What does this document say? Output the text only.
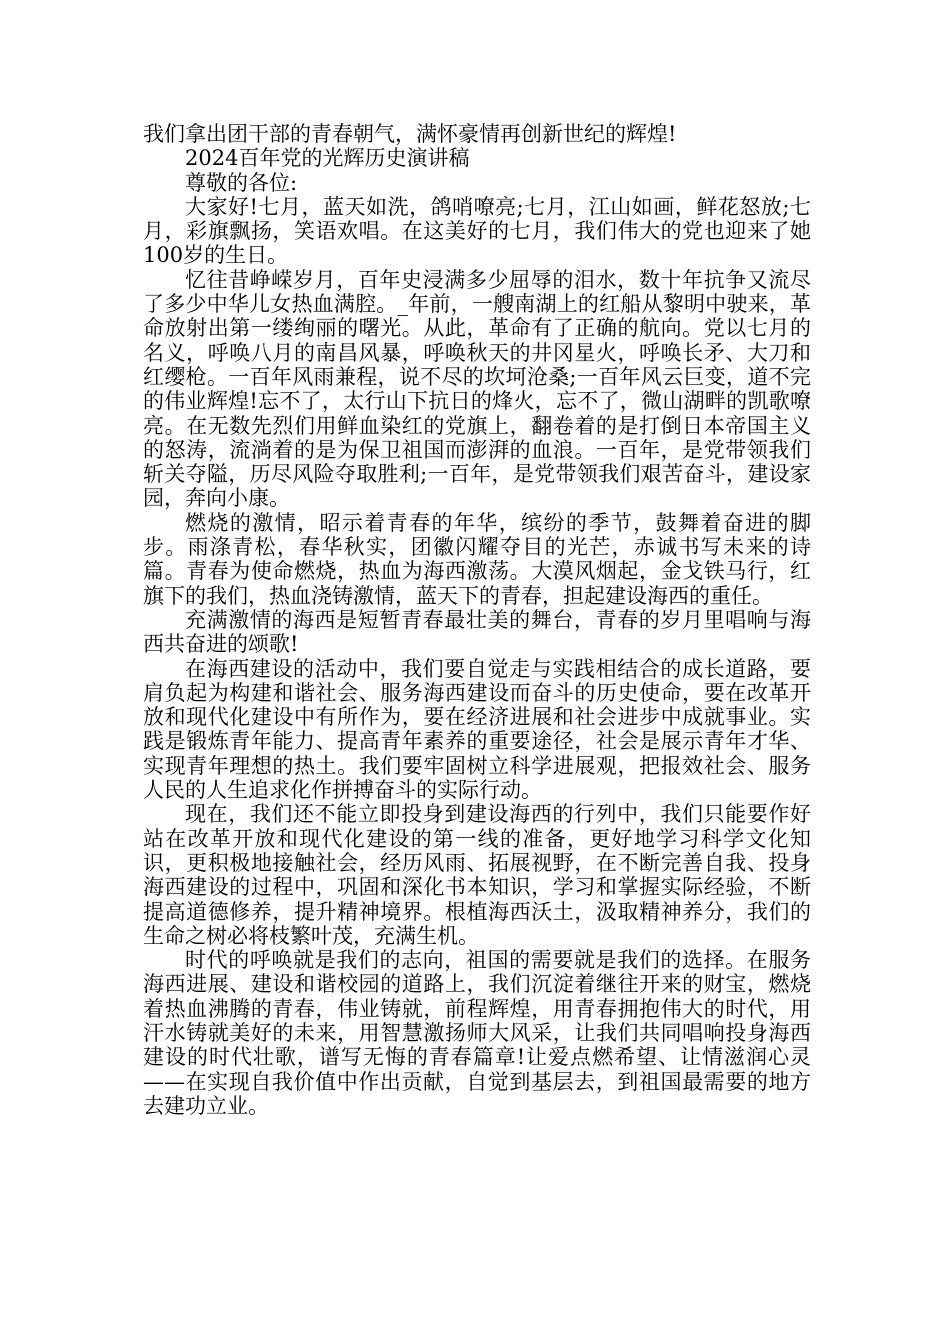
我们拿出团干部的青春朝气，满怀豪情再创新世纪的辉煌!

2024百年党的光辉历史演讲稿

尊敬的各位:

大家好!七月，蓝天如洗，鸽哨嘹亮;七月，江山如画，鲜花怒放;七月，彩旗飘扬，笑语欢唱。在这美好的七月，我们伟大的党也迎来了她100岁的生日。

忆往昔峥嵘岁月，百年史浸满多少屈辱的泪水，数十年抗争又流尽了多少中华儿女热血满腔。_年前，一艘南湖上的红船从黎明中驶来，革命放射出第一缕绚丽的曙光。从此，革命有了正确的航向。党以七月的名义，呼唤八月的南昌风暴，呼唤秋天的井冈星火，呼唤长矛、大刀和红缨枪。一百年风雨兼程，说不尽的坎坷沧桑;一百年风云巨变，道不完的伟业辉煌!忘不了，太行山下抗日的烽火，忘不了，微山湖畔的凯歌嘹亮。在无数先烈们用鲜血染红的党旗上，翻卷着的是打倒日本帝国主义的怒涛，流淌着的是为保卫祖国而澎湃的血浪。一百年，是党带领我们斩关夺隘，历尽风险夺取胜利;一百年，是党带领我们艰苦奋斗，建设家园，奔向小康。

燃烧的激情，昭示着青春的年华，缤纷的季节，鼓舞着奋进的脚步。雨涤青松，春华秋实，团徽闪耀夺目的光芒，赤诚书写未来的诗篇。青春为使命燃烧，热血为海西激荡。大漠风烟起，金戈铁马行，红旗下的我们，热血浇铸激情，蓝天下的青春，担起建设海西的重任。

充满激情的海西是短暂青春最壮美的舞台，青春的岁月里唱响与海西共奋进的颂歌!

在海西建设的活动中，我们要自觉走与实践相结合的成长道路，要肩负起为构建和谐社会、服务海西建设而奋斗的历史使命，要在改革开放和现代化建设中有所作为，要在经济进展和社会进步中成就事业。实践是锻炼青年能力、提高青年素养的重要途径，社会是展示青年才华、实现青年理想的热土。我们要牢固树立科学进展观，把报效社会、服务人民的人生追求化作拼搏奋斗的实际行动。

现在，我们还不能立即投身到建设海西的行列中，我们只能要作好站在改革开放和现代化建设的第一线的准备，更好地学习科学文化知识，更积极地接触社会，经历风雨、拓展视野，在不断完善自我、投身海西建设的过程中，巩固和深化书本知识，学习和掌握实际经验，不断提高道德修养，提升精神境界。根植海西沃土，汲取精神养分，我们的生命之树必将枝繁叶茂，充满生机。

时代的呼唤就是我们的志向，祖国的需要就是我们的选择。在服务海西进展、建设和谐校园的道路上，我们沉淀着继往开来的财宝，燃烧着热血沸腾的青春，伟业铸就，前程辉煌，用青春拥抱伟大的时代，用汗水铸就美好的未来，用智慧激扬师大风采，让我们共同唱响投身海西建设的时代壮歌，谱写无悔的青春篇章!让爱点燃希望、让情滋润心灵——在实现自我价值中作出贡献，自觉到基层去，到祖国最需要的地方去建功立业。
